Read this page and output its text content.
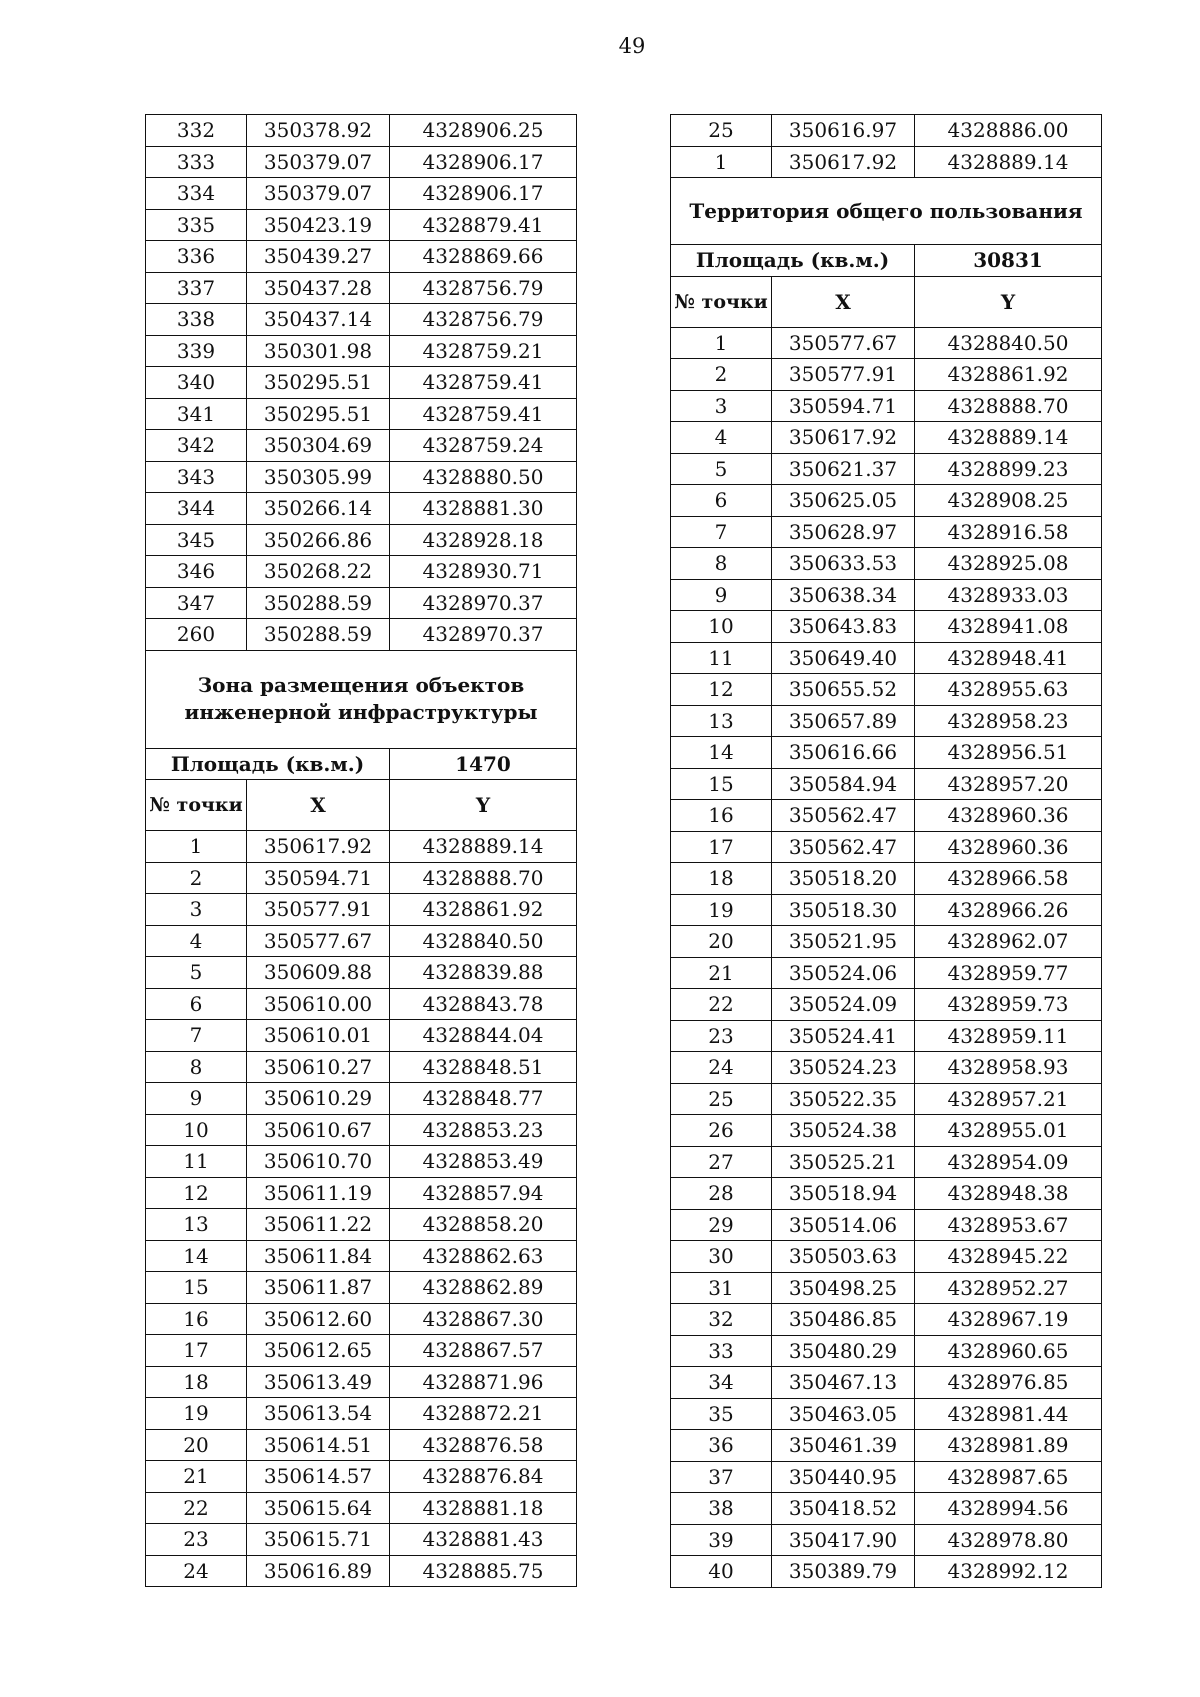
49
332	350378.92	4328906.25
333	350379.07	4328906.17
334	350379.07	4328906.17
335	350423.19	4328879.41
336	350439.27	4328869.66
337	350437.28	4328756.79
338	350437.14	4328756.79
339	350301.98	4328759.21
340	350295.51	4328759.41
341	350295.51	4328759.41
342	350304.69	4328759.24
343	350305.99	4328880.50
344	350266.14	4328881.30
345	350266.86	4328928.18
346	350268.22	4328930.71
347	350288.59	4328970.37
260	350288.59	4328970.37
Зона размещения объектов инженерной инфраструктуры		
Площадь (кв.м.)		1470
№ точки	X	Y
1	350617.92	4328889.14
2	350594.71	4328888.70
3	350577.91	4328861.92
4	350577.67	4328840.50
5	350609.88	4328839.88
6	350610.00	4328843.78
7	350610.01	4328844.04
8	350610.27	4328848.51
9	350610.29	4328848.77
10	350610.67	4328853.23
11	350610.70	4328853.49
12	350611.19	4328857.94
13	350611.22	4328858.20
14	350611.84	4328862.63
15	350611.87	4328862.89
16	350612.60	4328867.30
17	350612.65	4328867.57
18	350613.49	4328871.96
19	350613.54	4328872.21
20	350614.51	4328876.58
21	350614.57	4328876.84
22	350615.64	4328881.18
23	350615.71	4328881.43
24	350616.89	4328885.75
25	350616.97	4328886.00
1	350617.92	4328889.14
Территория общего пользования		
Площадь (кв.м.)		30831
№ точки	X	Y
1	350577.67	4328840.50
2	350577.91	4328861.92
3	350594.71	4328888.70
4	350617.92	4328889.14
5	350621.37	4328899.23
6	350625.05	4328908.25
7	350628.97	4328916.58
8	350633.53	4328925.08
9	350638.34	4328933.03
10	350643.83	4328941.08
11	350649.40	4328948.41
12	350655.52	4328955.63
13	350657.89	4328958.23
14	350616.66	4328956.51
15	350584.94	4328957.20
16	350562.47	4328960.36
17	350562.47	4328960.36
18	350518.20	4328966.58
19	350518.30	4328966.26
20	350521.95	4328962.07
21	350524.06	4328959.77
22	350524.09	4328959.73
23	350524.41	4328959.11
24	350524.23	4328958.93
25	350522.35	4328957.21
26	350524.38	4328955.01
27	350525.21	4328954.09
28	350518.94	4328948.38
29	350514.06	4328953.67
30	350503.63	4328945.22
31	350498.25	4328952.27
32	350486.85	4328967.19
33	350480.29	4328960.65
34	350467.13	4328976.85
35	350463.05	4328981.44
36	350461.39	4328981.89
37	350440.95	4328987.65
38	350418.52	4328994.56
39	350417.90	4328978.80
40	350389.79	4328992.12
